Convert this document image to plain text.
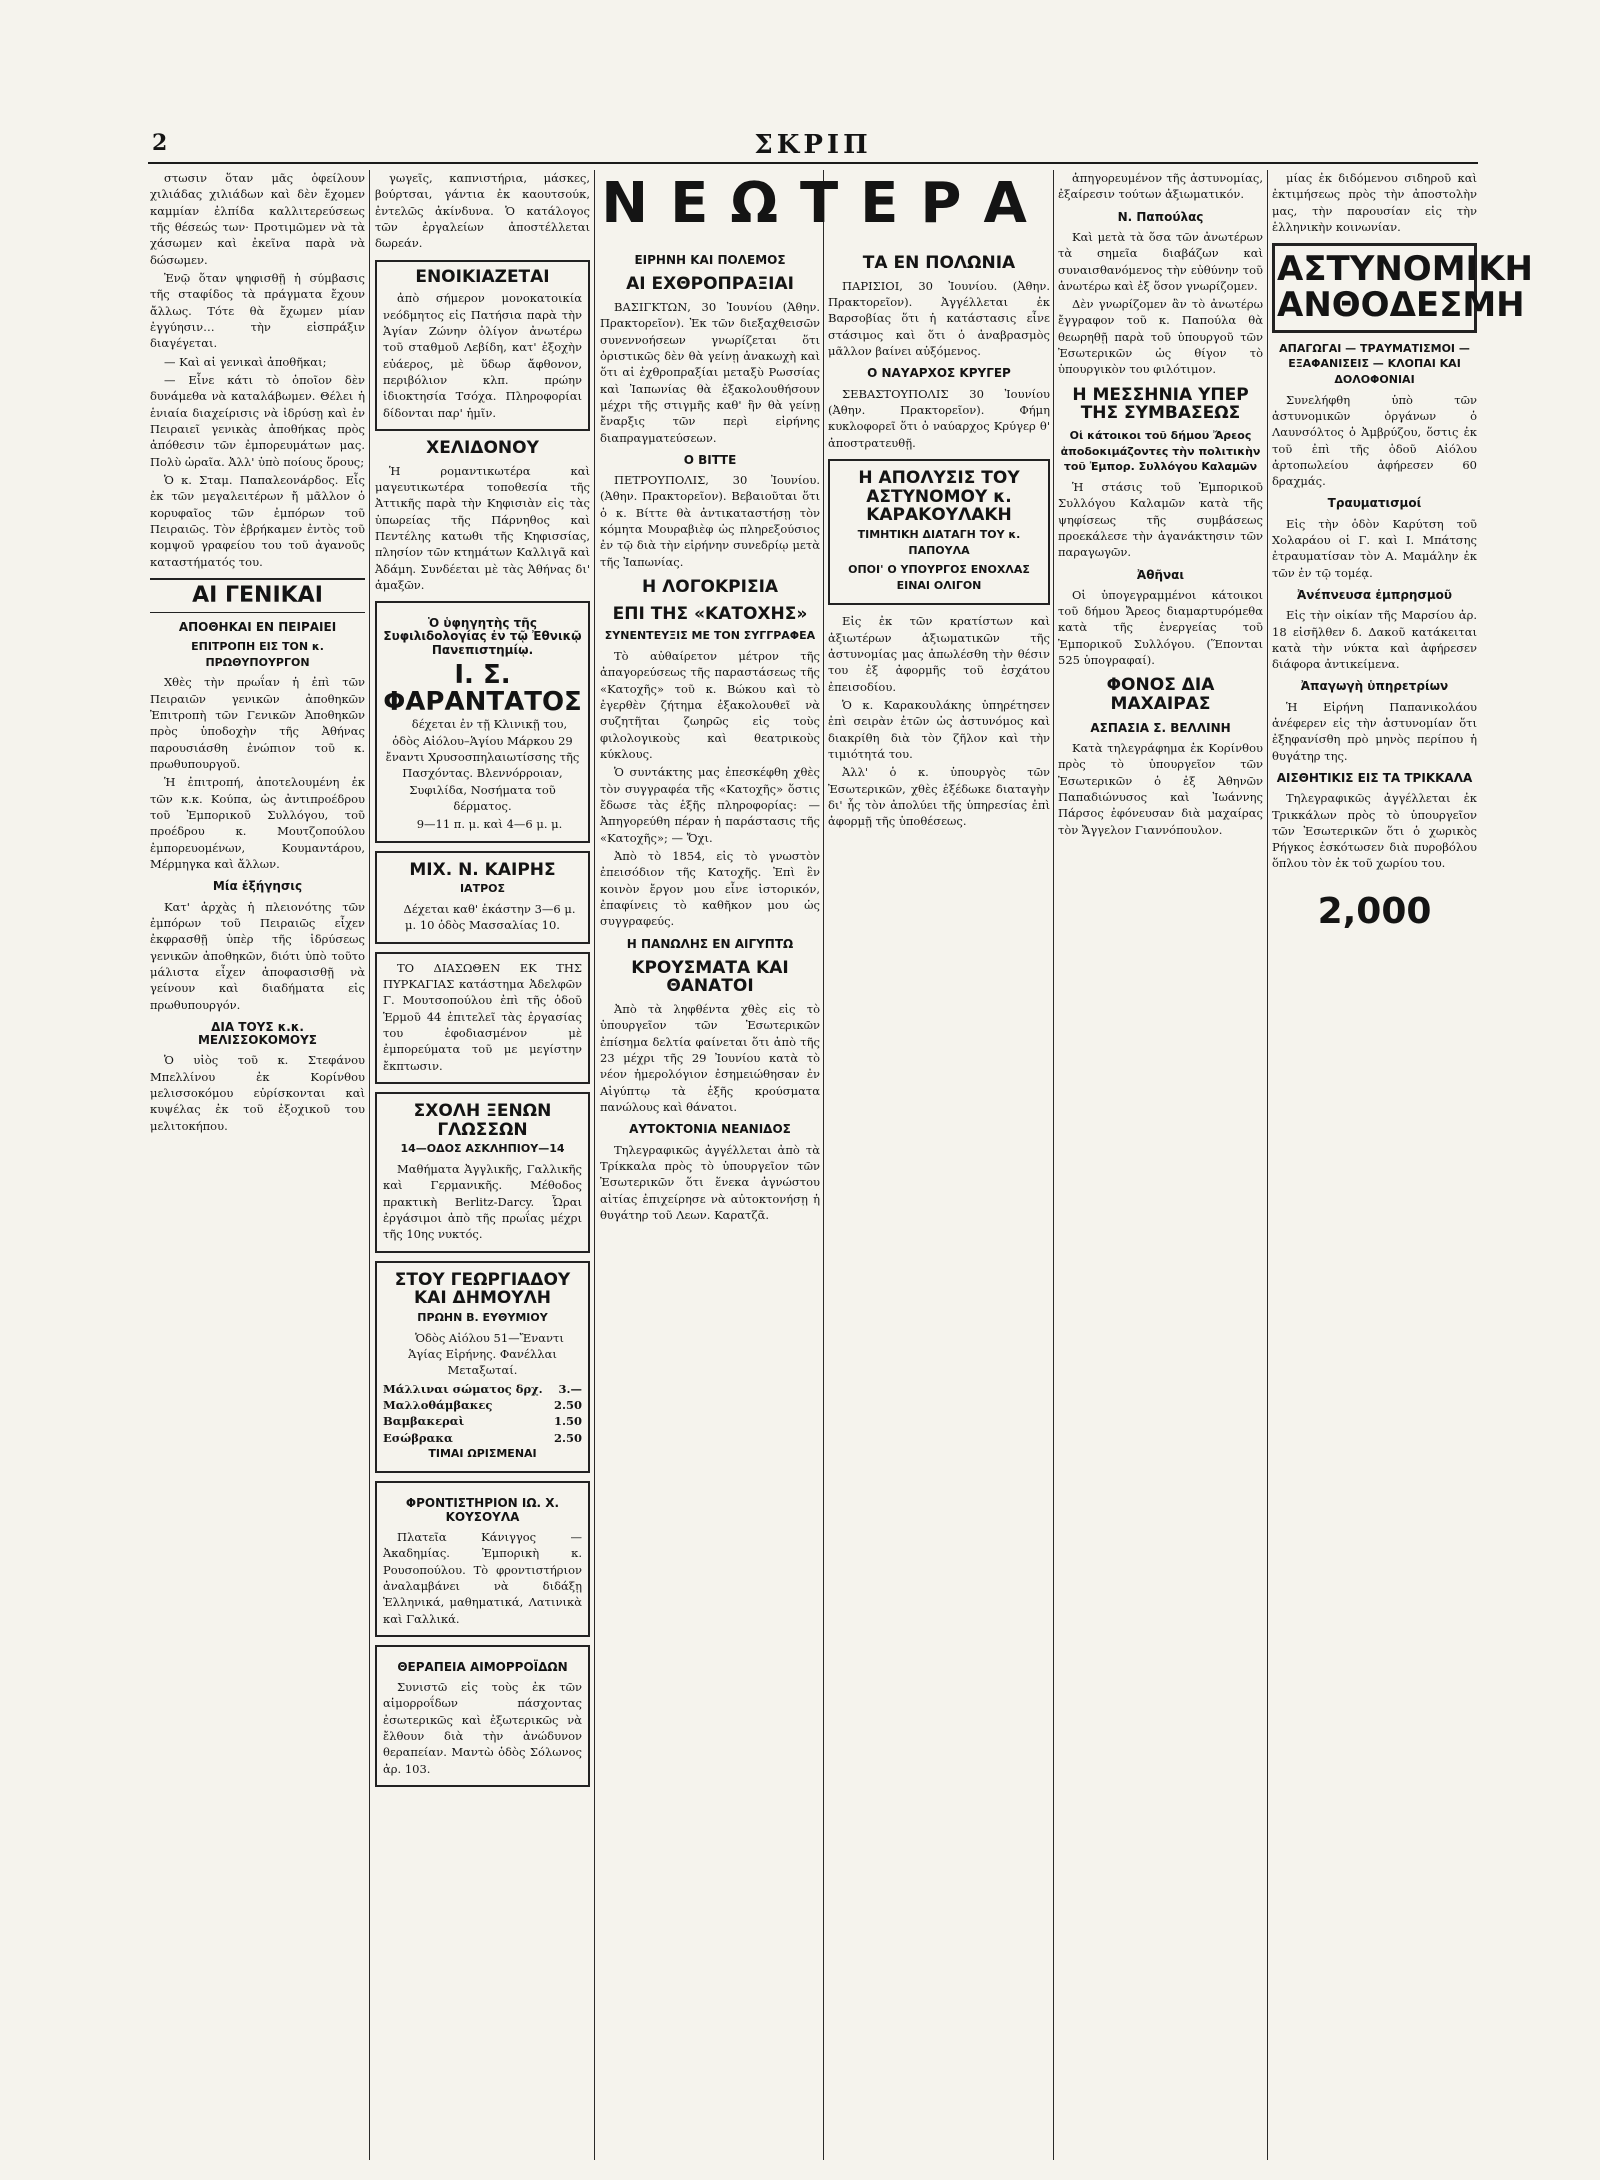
2	ΣΚΡΙΠ

στωσιν ὅταν μᾶς ὀφείλουν χιλιάδας χιλιάδων καὶ δὲν ἔχομεν καμμίαν ἐλπίδα καλλιτερεύσεως τῆς θέσεώς των· Προτιμῶμεν νὰ τὰ χάσωμεν καὶ ἐκεῖνα παρὰ νὰ δώσωμεν.

Ἐνῷ ὅταν ψηφισθῇ ἡ σύμβασις τῆς σταφίδος τὰ πράγματα ἔχουν ἄλλως. Τότε θὰ ἔχωμεν μίαν ἐγγύησιν… τὴν εἰσπράξιν διαγέγεται.

— Καὶ αἱ γενικαὶ ἀποθῆκαι;

— Εἶνε κάτι τὸ ὁποῖον δὲν δυνάμεθα νὰ καταλάβωμεν. Θέλει ἡ ἑνιαία διαχείρισις νὰ ἱδρύσῃ καὶ ἐν Πειραιεῖ γενικὰς ἀποθήκας πρὸς ἀπόθεσιν τῶν ἐμπορευμάτων μας. Πολὺ ὡραῖα. Ἀλλ' ὑπὸ ποίους ὅρους;

Ὁ κ. Σταμ. Παπαλεονάρδος. Εἷς ἐκ τῶν μεγαλειτέρων ἤ μᾶλλον ὁ κορυφαῖος τῶν ἐμπόρων τοῦ Πειραιῶς. Τὸν ἐβρήκαμεν ἐντὸς τοῦ κομψοῦ γραφείου του τοῦ ἀγανοῦς καταστήματός του.

ΑΙ ΓΕΝΙΚΑΙ
ΑΠΟΘΗΚΑΙ ΕΝ ΠΕΙΡΑΙΕΙ
ΕΠΙΤΡΟΠΗ ΕΙΣ ΤΟΝ κ. ΠΡΩΘΥΠΟΥΡΓΟΝ

Χθὲς τὴν πρωΐαν ἡ ἐπὶ τῶν Πειραιῶν γενικῶν ἀποθηκῶν Ἐπιτροπὴ τῶν Γενικῶν Ἀποθηκῶν πρὸς ὑποδοχὴν τῆς Ἀθήνας παρουσιάσθη ἐνώπιον τοῦ κ. πρωθυπουργοῦ.

Ἡ ἐπιτροπή, ἀποτελουμένη ἐκ τῶν κ.κ. Κούπα, ὡς ἀντιπροέδρου τοῦ Ἐμπορικοῦ Συλλόγου, τοῦ προέδρου κ. Μουτζοπούλου ἐμπορευομένων, Κουμαντάρου, Μέρμηγκα καὶ ἄλλων.

Μία ἐξήγησις

Κατ' ἀρχὰς ἡ πλειονότης τῶν ἐμπόρων τοῦ Πειραιῶς εἶχεν ἐκφρασθῇ ὑπὲρ τῆς ἱδρύσεως γενικῶν ἀποθηκῶν, διότι ὑπὸ τοῦτο μάλιστα εἶχεν ἀποφασισθῇ νὰ γείνουν καὶ διαδήματα εἰς πρωθυπουργόν.

ΔΙΑ ΤΟΥΣ κ.κ. ΜΕΛΙΣΣΟΚΟΜΟΥΣ

Ὁ υἱὸς τοῦ κ. Στεφάνου Μπελλίνου ἐκ Κορίνθου μελισσοκόμου εὐρίσκονται καὶ κυψέλας ἐκ τοῦ ἐξοχικοῦ του μελιτοκήπου.

γωγεῖς, καπνιστήρια, μάσκες, βούρτσαι, γάντια ἐκ καουτσούκ, ἐντελῶς ἀκίνδυνα. Ὁ κατάλογος τῶν ἐργαλείων ἀποστέλλεται δωρεάν.

ΕΝΟΙΚΙΑΖΕΤΑΙ

ἀπὸ σήμερον μονοκατοικία νεόδμητος εἰς Πατήσια παρὰ τὴν Ἁγίαν Ζώνην ὀλίγον ἀνωτέρω τοῦ σταθμοῦ Λεβίδη, κατ' ἐξοχὴν εὐάερος, μὲ ὕδωρ ἄφθονον, περιβόλιον κλπ. πρώην ἰδιοκτησία Τσόχα. Πληροφορίαι δίδονται παρ' ἡμῖν.

ΧΕΛΙΔΟΝΟΥ

Ἡ ρομαντικωτέρα καὶ μαγευτικωτέρα τοποθεσία τῆς Ἀττικῆς παρὰ τὴν Κηφισιὰν εἰς τὰς ὑπωρείας τῆς Πάρνηθος καὶ Πεντέλης κατωθι τῆς Κηφισσίας, πλησίον τῶν κτημάτων Καλλιγᾶ καὶ Ἀδάμη. Συνδέεται μὲ τὰς Ἀθήνας δι' ἁμαξῶν.

Ὁ ὑφηγητὴς τῆς Συφιλιδολογίας ἐν τῷ Ἐθνικῷ Πανεπιστημίῳ.
Ι. Σ. ΦΑΡΑΝΤΑΤΟΣ

δέχεται ἐν τῇ Κλινικῇ του, ὁδὸς Αἰόλου–Ἁγίου Μάρκου 29 ἔναντι Χρυσοσπηλαιωτίσσης τῆς Πασχόντας. Βλεννόρροιαν, Συφιλίδα, Νοσήματα τοῦ δέρματος.

9—11 π. μ. καὶ 4—6 μ. μ.

ΜΙΧ. Ν. ΚΑΙΡΗΣ
ΙΑΤΡΟΣ

Δέχεται καθ' ἑκάστην 3—6 μ. μ. 10 ὁδὸς Μασσαλίας 10.

ΤΟ ΔΙΑΣΩΘΕΝ ΕΚ ΤΗΣ ΠΥΡΚΑΓΙΑΣ κατάστημα Ἀδελφῶν Γ. Μουτσοπούλου ἐπὶ τῆς ὁδοῦ Ἑρμοῦ 44 ἐπιτελεῖ τὰς ἐργασίας του ἐφοδιασμένον μὲ ἐμπορεύματα τοῦ με μεγίστην ἔκπτωσιν.

ΣΧΟΛΗ ΞΕΝΩΝ ΓΛΩΣΣΩΝ
14—ΟΔΟΣ ΑΣΚΛΗΠΙΟΥ—14

Μαθήματα Ἀγγλικῆς, Γαλλικῆς καὶ Γερμανικῆς. Μέθοδος πρακτικὴ Berlitz-Darcy. Ὧραι ἐργάσιμοι ἀπὸ τῆς πρωΐας μέχρι τῆς 10ης νυκτός.

ΣΤΟΥ ΓΕΩΡΓΙΑΔΟΥ ΚΑΙ ΔΗΜΟΥΛΗ
ΠΡΩΗΝ Β. ΕΥΘΥΜΙΟΥ

Ὁδὸς Αἰόλου 51—Ἔναντι Ἁγίας Εἰρήνης. Φανέλλαι Μεταξωταί.

Μάλλιναι σώματος δρχ. 3.—
Μαλλοθάμβακες	2.50
Βαμβακεραὶ	1.50
Εσώβρακα	2.50
ΤΙΜΑΙ ΩΡΙΣΜΕΝΑΙ
ΦΡΟΝΤΙΣΤΗΡΙΟΝ ΙΩ. Χ. ΚΟΥΣΟΥΛΑ

Πλατεῖα Κάνιγγος — Ἀκαδημίας. Ἐμπορικὴ κ. Ρουσοπούλου. Τὸ φροντιστήριον ἀναλαμβάνει νὰ διδάξῃ Ἑλληνικά, μαθηματικά, Λατινικὰ καὶ Γαλλικά.

ΘΕΡΑΠΕΙΑ ΑΙΜΟΡΡΟΪΔΩΝ

Συνιστῶ εἰς τοὺς ἐκ τῶν αἱμορροΐδων πάσχοντας ἐσωτερικῶς καὶ ἐξωτερικῶς νὰ ἔλθουν διὰ τὴν ἀνώδυνον θεραπείαν. Μαντὼ ὁδὸς Σόλωνος ἀρ. 103.

ΝΕΩΤΕΡΑ
ΕΙΡΗΝΗ ΚΑΙ ΠΟΛΕΜΟΣ
ΑΙ ΕΧΘΡΟΠΡΑΞΙΑΙ

ΒΑΣΙΓΚΤΩΝ, 30 Ἰουνίου (Ἀθην. Πρακτορεῖον). Ἐκ τῶν διεξαχθεισῶν συνεννοήσεων γνωρίζεται ὅτι ὀριστικῶς δὲν θὰ γείνῃ ἀνακωχὴ καὶ ὅτι αἱ ἐχθροπραξίαι μεταξὺ Ρωσσίας καὶ Ἰαπωνίας θὰ ἐξακολουθήσουν μέχρι τῆς στιγμῆς καθ' ἣν θὰ γείνῃ ἔναρξις τῶν περὶ εἰρήνης διαπραγματεύσεων.

Ο ΒΙΤΤΕ

ΠΕΤΡΟΥΠΟΛΙΣ, 30 Ἰουνίου. (Ἀθην. Πρακτορεῖον). Βεβαιοῦται ὅτι ὁ κ. Βίττε θὰ ἀντικαταστήσῃ τὸν κόμητα Μουραβιὲφ ὡς πληρεξούσιος ἐν τῷ διὰ τὴν εἰρήνην συνεδρίῳ μετὰ τῆς Ἰαπωνίας.

Η ΛΟΓΟΚΡΙΣΙΑ
ΕΠΙ ΤΗΣ «ΚΑΤΟΧΗΣ»
ΣΥΝΕΝΤΕΥΞΙΣ ΜΕ ΤΟΝ ΣΥΓΓΡΑΦΕΑ

Τὸ αὐθαίρετον μέτρον τῆς ἀπαγορεύσεως τῆς παραστάσεως τῆς «Κατοχῆς» τοῦ κ. Βώκου καὶ τὸ ἐγερθὲν ζήτημα ἐξακολουθεῖ νὰ συζητῆται ζωηρῶς εἰς τοὺς φιλολογικοὺς καὶ θεατρικοὺς κύκλους.

Ὁ συντάκτης μας ἐπεσκέφθη χθὲς τὸν συγγραφέα τῆς «Κατοχῆς» ὅστις ἔδωσε τὰς ἑξῆς πληροφορίας: — Ἀπηγορεύθη πέραν ἡ παράστασις τῆς «Κατοχῆς»; — Ὄχι.

Ἀπὸ τὸ 1854, εἰς τὸ γνωστὸν ἐπεισόδιον τῆς Κατοχῆς. Ἐπὶ ἓν κοινὸν ἔργον μου εἶνε ἱστορικόν, ἐπαφίνεις τὸ καθῆκον μου ὡς συγγραφεύς.

Η ΠΑΝΩΛΗΣ ΕΝ ΑΙΓΥΠΤΩ
ΚΡΟΥΣΜΑΤΑ ΚΑΙ ΘΑΝΑΤΟΙ

Ἀπὸ τὰ ληφθέντα χθὲς εἰς τὸ ὑπουργεῖον τῶν Ἐσωτερικῶν ἐπίσημα δελτία φαίνεται ὅτι ἀπὸ τῆς 23 μέχρι τῆς 29 Ἰουνίου κατὰ τὸ νέον ἡμερολόγιον ἐσημειώθησαν ἐν Αἰγύπτῳ τὰ ἑξῆς κρούσματα πανώλους καὶ θάνατοι.

ΑΥΤΟΚΤΟΝΙΑ ΝΕΑΝΙΔΟΣ

Τηλεγραφικῶς ἀγγέλλεται ἀπὸ τὰ Τρίκκαλα πρὸς τὸ ὑπουργεῖον τῶν Ἐσωτερικῶν ὅτι ἕνεκα ἀγνώστου αἰτίας ἐπιχείρησε νὰ αὐτοκτονήσῃ ἡ θυγάτηρ τοῦ Λεων. Καρατζᾶ.

ΤΑ ΕΝ ΠΟΛΩΝΙΑ

ΠΑΡΙΣΙΟΙ, 30 Ἰουνίου. (Ἀθην. Πρακτορεῖον). Ἀγγέλλεται ἐκ Βαρσοβίας ὅτι ἡ κατάστασις εἶνε στάσιμος καὶ ὅτι ὁ ἀναβρασμὸς μᾶλλον βαίνει αὐξόμενος.

Ο ΝΑΥΑΡΧΟΣ ΚΡΥΓΕΡ

ΣΕΒΑΣΤΟΥΠΟΛΙΣ 30 Ἰουνίου (Ἀθην. Πρακτορεῖον). Φήμη κυκλοφορεῖ ὅτι ὁ ναύαρχος Κρύγερ θ' ἀποστρατευθῇ.

Η ΑΠΟΛΥΣΙΣ ΤΟΥ ΑΣΤΥΝΟΜΟΥ κ. ΚΑΡΑΚΟΥΛΑΚΗ
ΤΙΜΗΤΙΚΗ ΔΙΑΤΑΓΗ ΤΟΥ κ. ΠΑΠΟΥΛΑ
ΟΠΟΙ' Ο ΥΠΟΥΡΓΟΣ ΕΝΟΧΛΑΣ ΕΙΝΑΙ ΟΛΙΓΟΝ

Εἰς ἐκ τῶν κρατίστων καὶ ἀξιωτέρων ἀξιωματικῶν τῆς ἀστυνομίας μας ἀπωλέσθη τὴν θέσιν του ἐξ ἀφορμῆς τοῦ ἐσχάτου ἐπεισοδίου.

Ὁ κ. Καρακουλάκης ὑπηρέτησεν ἐπὶ σειρὰν ἐτῶν ὡς ἀστυνόμος καὶ διακρίθη διὰ τὸν ζῆλον καὶ τὴν τιμιότητά του.

Ἀλλ' ὁ κ. ὑπουργὸς τῶν Ἐσωτερικῶν, χθὲς ἐξέδωκε διαταγὴν δι' ἧς τὸν ἀπολύει τῆς ὑπηρεσίας ἐπὶ ἀφορμῇ τῆς ὑποθέσεως.

ἀπηγορευμένον τῆς ἀστυνομίας, ἐξαίρεσιν τούτων ἀξιωματικόν.

Ν. Παπούλας

Καὶ μετὰ τὰ ὅσα τῶν ἀνωτέρων τὰ σημεῖα διαβάζων καὶ συναισθανόμενος τὴν εὐθύνην τοῦ ἀνωτέρω καὶ ἐξ ὅσον γνωρίζομεν.

Δὲν γνωρίζομεν ἂν τὸ ἀνωτέρω ἔγγραφον τοῦ κ. Παπούλα θὰ θεωρηθῇ παρὰ τοῦ ὑπουργοῦ τῶν Ἐσωτερικῶν ὡς θίγον τὸ ὑπουργικὸν του φιλότιμον.

Η ΜΕΣΣΗΝΙΑ ΥΠΕΡ ΤΗΣ ΣΥΜΒΑΣΕΩΣ
Οἱ κάτοικοι τοῦ δήμου Ἄρεος ἀποδοκιμάζοντες τὴν πολιτικὴν τοῦ Ἐμπορ. Συλλόγου Καλαμῶν

Ἡ στάσις τοῦ Ἐμπορικοῦ Συλλόγου Καλαμῶν κατὰ τῆς ψηφίσεως τῆς συμβάσεως προεκάλεσε τὴν ἀγανάκτησιν τῶν παραγωγῶν.

Ἀθῆναι

Οἱ ὑπογεγραμμένοι κάτοικοι τοῦ δήμου Ἄρεος διαμαρτυρόμεθα κατὰ τῆς ἐνεργείας τοῦ Ἐμπορικοῦ Συλλόγου. (Ἕπονται 525 ὑπογραφαί).

ΦΟΝΟΣ ΔΙΑ ΜΑΧΑΙΡΑΣ
ΑΣΠΑΣΙΑ Σ. ΒΕΛΛΙΝΗ

Κατὰ τηλεγράφημα ἐκ Κορίνθου πρὸς τὸ ὑπουργεῖον τῶν Ἐσωτερικῶν ὁ ἐξ Ἀθηνῶν Παπαδιώνυσος καὶ Ἰωάννης Πάρσος ἐφόνευσαν διὰ μαχαίρας τὸν Ἄγγελον Γιαννόπουλον.

μίας ἐκ διδόμενου σιδηροῦ καὶ ἐκτιμήσεως πρὸς τὴν ἀποστολὴν μας, τὴν παρουσίαν εἰς τὴν ἑλληνικὴν κοινωνίαν.

ΑΣΤΥΝΟΜΙΚΗ
ΑΝΘΟΔΕΣΜΗ
ΑΠΑΓΩΓΑΙ — ΤΡΑΥΜΑΤΙΣΜΟΙ — ΕΞΑΦΑΝΙΣΕΙΣ — ΚΛΟΠΑΙ ΚΑΙ ΔΟΛΟΦΟΝΙΑΙ

Συνελήφθη ὑπὸ τῶν ἀστυνομικῶν ὀργάνων ὁ Λαυνσόλτος ὁ Ἀμβρύζου, ὅστις ἐκ τοῦ ἐπὶ τῆς ὁδοῦ Αἰόλου ἀρτοπωλείου ἀφήρεσεν 60 δραχμάς.

Τραυματισμοί

Εἰς τὴν ὁδὸν Καρύτση τοῦ Χολαράου οἱ Γ. καὶ Ι. Μπάτσης ἐτραυματίσαν τὸν Α. Μαμάλην ἐκ τῶν ἐν τῷ τομέᾳ.

Ἀνέπνευσα ἐμπρησμοῦ

Εἰς τὴν οἰκίαν τῆς Μαρσίου ἀρ. 18 εἰσῆλθεν δ. Δακοῦ κατάκειται κατὰ τὴν νύκτα καὶ ἀφήρεσεν διάφορα ἀντικείμενα.

Ἀπαγωγὴ ὑπηρετρίων

Ἡ Εἰρήνη Παπανικολάου ἀνέφερεν εἰς τὴν ἀστυνομίαν ὅτι ἐξηφανίσθη πρὸ μηνὸς περίπου ἡ θυγάτηρ της.

ΑΙΣΘΗΤΙΚΙΣ ΕΙΣ ΤΑ ΤΡΙΚΚΑΛΑ

Τηλεγραφικῶς ἀγγέλλεται ἐκ Τρικκάλων πρὸς τὸ ὑπουργεῖον τῶν Ἐσωτερικῶν ὅτι ὁ χωρικὸς Ρήγκος ἐσκότωσεν διὰ πυροβόλου ὅπλου τὸν ἐκ τοῦ χωρίου του.

2,000
